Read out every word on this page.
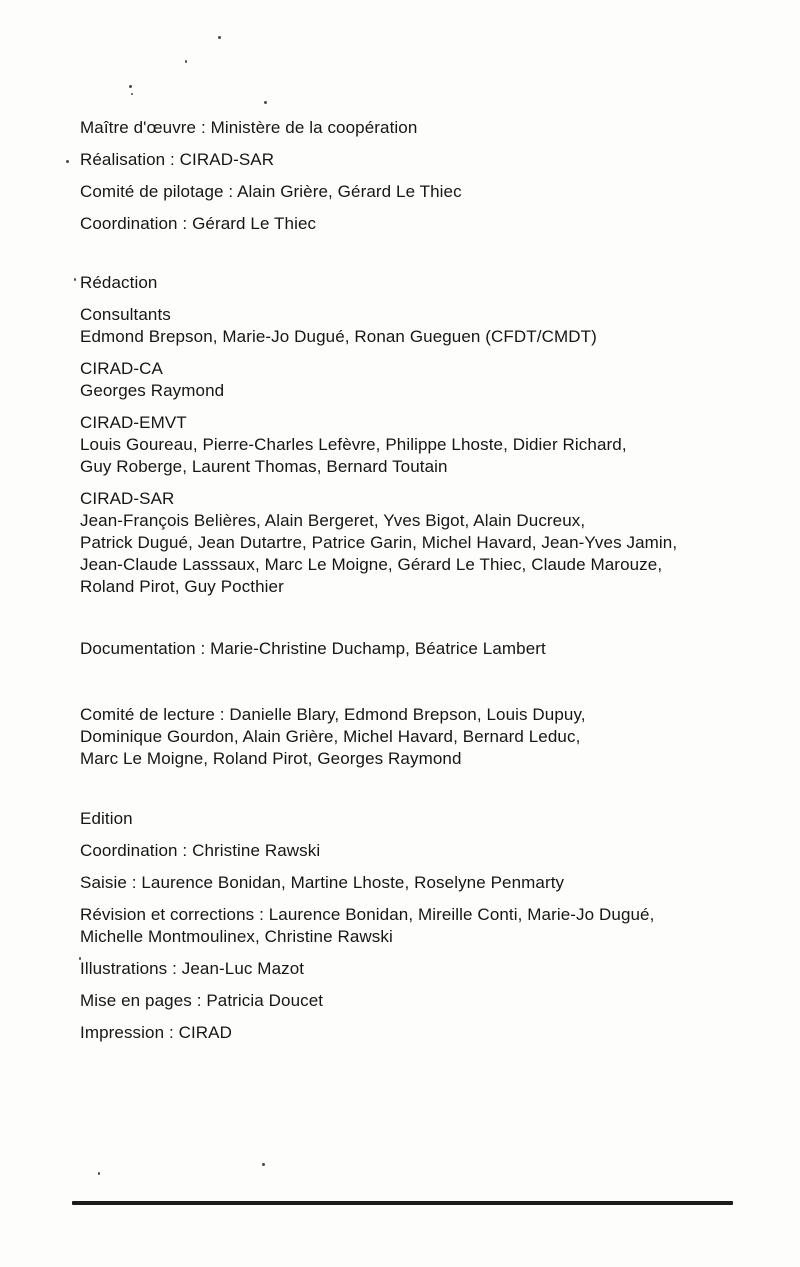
Maître d'œuvre : Ministère de la coopération

Réalisation : CIRAD-SAR

Comité de pilotage : Alain Grière, Gérard Le Thiec

Coordination : Gérard Le Thiec

Rédaction

Consultants

Edmond Brepson, Marie-Jo Dugué, Ronan Gueguen (CFDT/CMDT)

CIRAD-CA

Georges Raymond

CIRAD-EMVT

Louis Goureau, Pierre-Charles Lefèvre, Philippe Lhoste, Didier Richard,

Guy Roberge, Laurent Thomas, Bernard Toutain

CIRAD-SAR

Jean-François Belières, Alain Bergeret, Yves Bigot, Alain Ducreux,

Patrick Dugué, Jean Dutartre, Patrice Garin, Michel Havard, Jean-Yves Jamin,

Jean-Claude Lasssaux, Marc Le Moigne, Gérard Le Thiec, Claude Marouze,

Roland Pirot, Guy Pocthier

Documentation : Marie-Christine Duchamp, Béatrice Lambert

Comité de lecture : Danielle Blary, Edmond Brepson, Louis Dupuy,

Dominique Gourdon, Alain Grière, Michel Havard, Bernard Leduc,

Marc Le Moigne, Roland Pirot, Georges Raymond

Edition

Coordination : Christine Rawski

Saisie : Laurence Bonidan, Martine Lhoste, Roselyne Penmarty

Révision et corrections : Laurence Bonidan, Mireille Conti, Marie-Jo Dugué,

Michelle Montmoulinex, Christine Rawski

Illustrations : Jean-Luc Mazot

Mise en pages : Patricia Doucet

Impression : CIRAD
